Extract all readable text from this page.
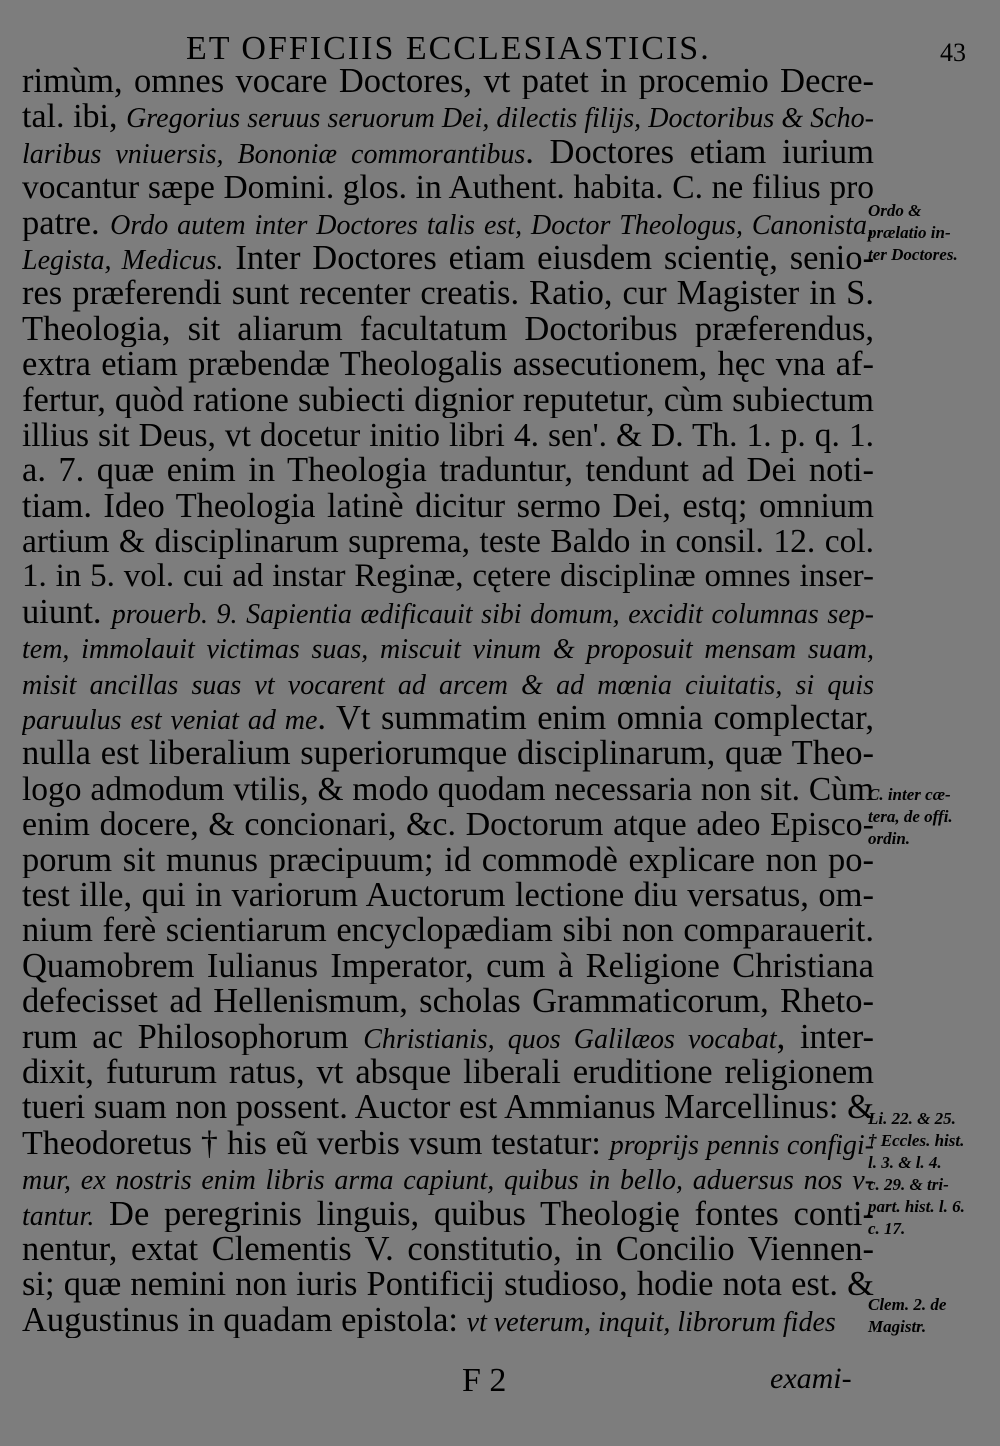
ET OFFICIIS ECCLESIASTICIS.	43
rimùm, omnes vocare Doctores, vt patet in procemio Decre-
tal. ibi, Gregorius seruus seruorum Dei, dilectis filijs, Doctoribus & Scho-
laribus vniuersis, Bononiæ commorantibus. Doctores etiam iurium
vocantur sæpe Domini. glos. in Authent. habita. C. ne filius pro
patre. Ordo autem inter Doctores talis est, Doctor Theologus, Canonista,
Legista, Medicus. Inter Doctores etiam eiusdem scientię, senio-
res præferendi sunt recenter creatis. Ratio, cur Magister in S.
Theologia, sit aliarum facultatum Doctoribus præferendus,
extra etiam præbendæ Theologalis assecutionem, hęc vna af-
fertur, quòd ratione subiecti dignior reputetur, cùm subiectum
illius sit Deus, vt docetur initio libri 4. sen'. & D. Th. 1. p. q. 1.
a. 7. quæ enim in Theologia traduntur, tendunt ad Dei noti-
tiam. Ideo Theologia latinè dicitur sermo Dei, estq; omnium
artium & disciplinarum suprema, teste Baldo in consil. 12. col.
1. in 5. vol. cui ad instar Reginæ, cętere disciplinæ omnes inser-
uiunt. prouerb. 9. Sapientia ædificauit sibi domum, excidit columnas sep-
tem, immolauit victimas suas, miscuit vinum & proposuit mensam suam,
misit ancillas suas vt vocarent ad arcem & ad mœnia ciuitatis, si quis
paruulus est veniat ad me. Vt summatim enim omnia complectar,
nulla est liberalium superiorumque disciplinarum, quæ Theo-
logo admodum vtilis, & modo quodam necessaria non sit. Cùm
enim docere, & concionari, &c. Doctorum atque adeo Episco-
porum sit munus præcipuum; id commodè explicare non po-
test ille, qui in variorum Auctorum lectione diu versatus, om-
nium ferè scientiarum encyclopædiam sibi non comparauerit.
Quamobrem Iulianus Imperator, cum à Religione Christiana
defecisset ad Hellenismum, scholas Grammaticorum, Rheto-
rum ac Philosophorum Christianis, quos Galilæos vocabat, inter-
dixit, futurum ratus, vt absque liberali eruditione religionem
tueri suam non possent. Auctor est Ammianus Marcellinus: &
Theodoretus † his eũ verbis vsum testatur: proprijs pennis configi-
mur, ex nostris enim libris arma capiunt, quibus in bello, aduersus nos v-
tantur. De peregrinis linguis, quibus Theologię fontes conti-
nentur, extat Clementis V. constitutio, in Concilio Viennen-
si; quæ nemini non iuris Pontificij studioso, hodie nota est. &
Augustinus in quadam epistola: vt veterum, inquit, librorum fides
Ordo &
prælatio in-
ter Doctores.
C. inter cæ-
tera, de offi.
ordin.
Li. 22. & 25.
† Eccles. hist.
l. 3. & l. 4.
c. 29. & tri-
part. hist. l. 6.
c. 17.
Clem. 2. de
Magistr.
F 2	exami-
